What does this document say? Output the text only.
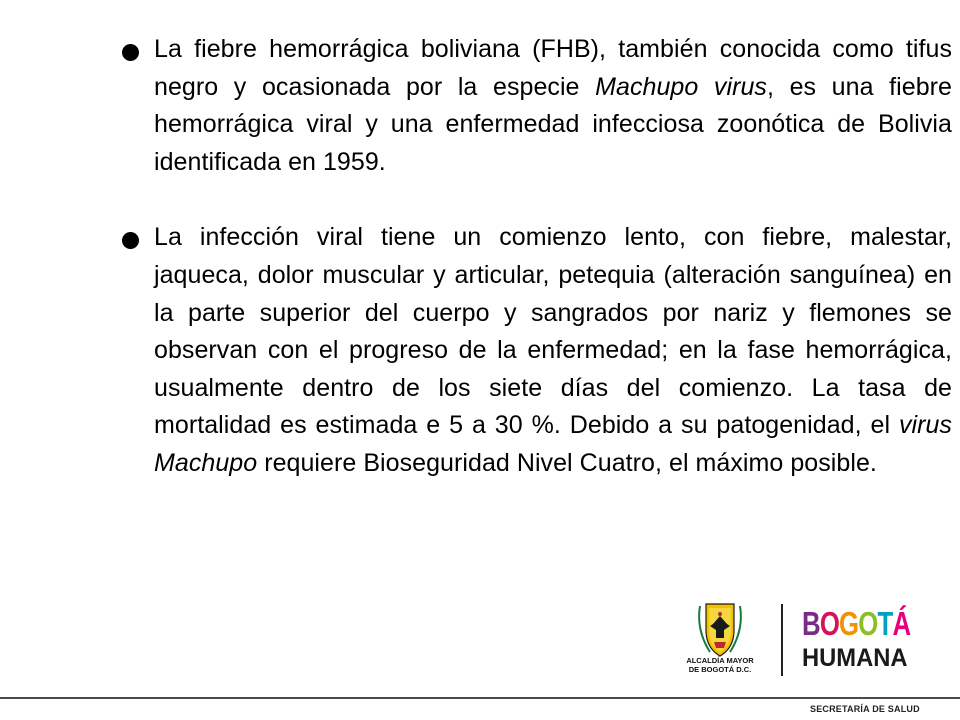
La fiebre hemorrágica boliviana (FHB), también conocida como tifus negro y ocasionada por la especie Machupo virus, es una fiebre hemorrágica viral y una enfermedad infecciosa zoonótica de Bolivia identificada en 1959.

La infección viral tiene un comienzo lento, con fiebre, malestar, jaqueca, dolor muscular y articular, petequia (alteración sanguínea) en la parte superior del cuerpo y sangrados por nariz y flemones se observan con el progreso de la enfermedad; en la fase hemorrágica, usualmente dentro de los siete días del comienzo. La tasa de mortalidad es estimada e 5 a 30 %. Debido a su patogenidad, el virus Machupo requiere Bioseguridad Nivel Cuatro, el máximo posible.

ALCALDÍA MAYOR
DE BOGOTÁ D.C.
BOGOTÁ
HUMANA
SECRETARÍA DE SALUD
